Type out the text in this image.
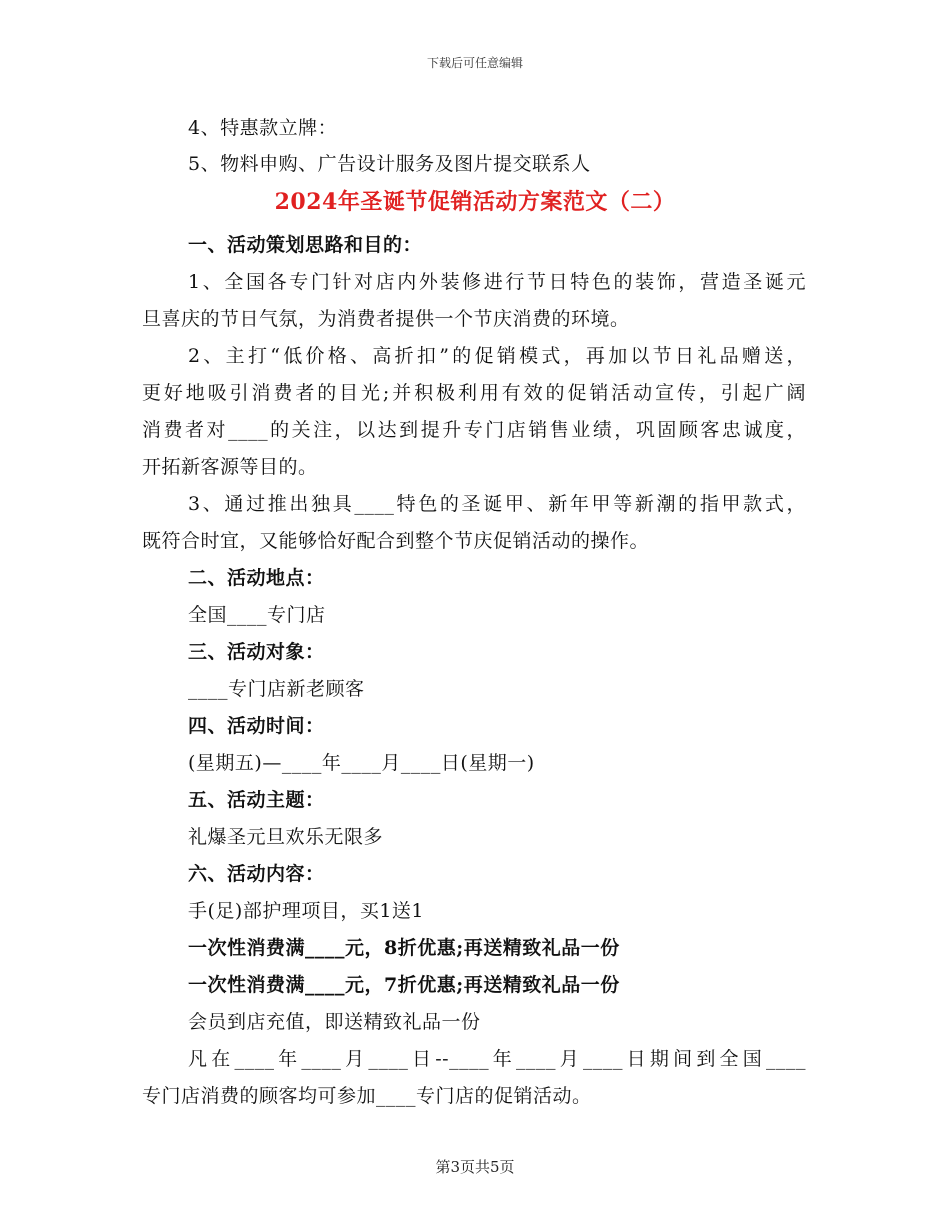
下载后可任意编辑
4、特惠款立牌：
5、物料申购、广告设计服务及图片提交联系人
2024年圣诞节促销活动方案范文（二）
一、活动策划思路和目的：
1、全国各专门针对店内外装修进行节日特色的装饰，营造圣诞元
旦喜庆的节日气氛，为消费者提供一个节庆消费的环境。
2、主打“低价格、高折扣”的促销模式，再加以节日礼品赠送，
更好地吸引消费者的目光;并积极利用有效的促销活动宣传，引起广阔
消费者对____的关注，以达到提升专门店销售业绩，巩固顾客忠诚度，
开拓新客源等目的。
3、通过推出独具____特色的圣诞甲、新年甲等新潮的指甲款式，
既符合时宜，又能够恰好配合到整个节庆促销活动的操作。
二、活动地点：
全国____专门店
三、活动对象：
____专门店新老顾客
四、活动时间：
(星期五)—____年____月____日(星期一)
五、活动主题：
礼爆圣元旦欢乐无限多
六、活动内容：
手(足)部护理项目，买1送1
一次性消费满____元，8折优惠;再送精致礼品一份
一次性消费满____元，7折优惠;再送精致礼品一份
会员到店充值，即送精致礼品一份
凡在____年____月____日--____年____月____日期间到全国____
专门店消费的顾客均可参加____专门店的促销活动。
第3页共5页
